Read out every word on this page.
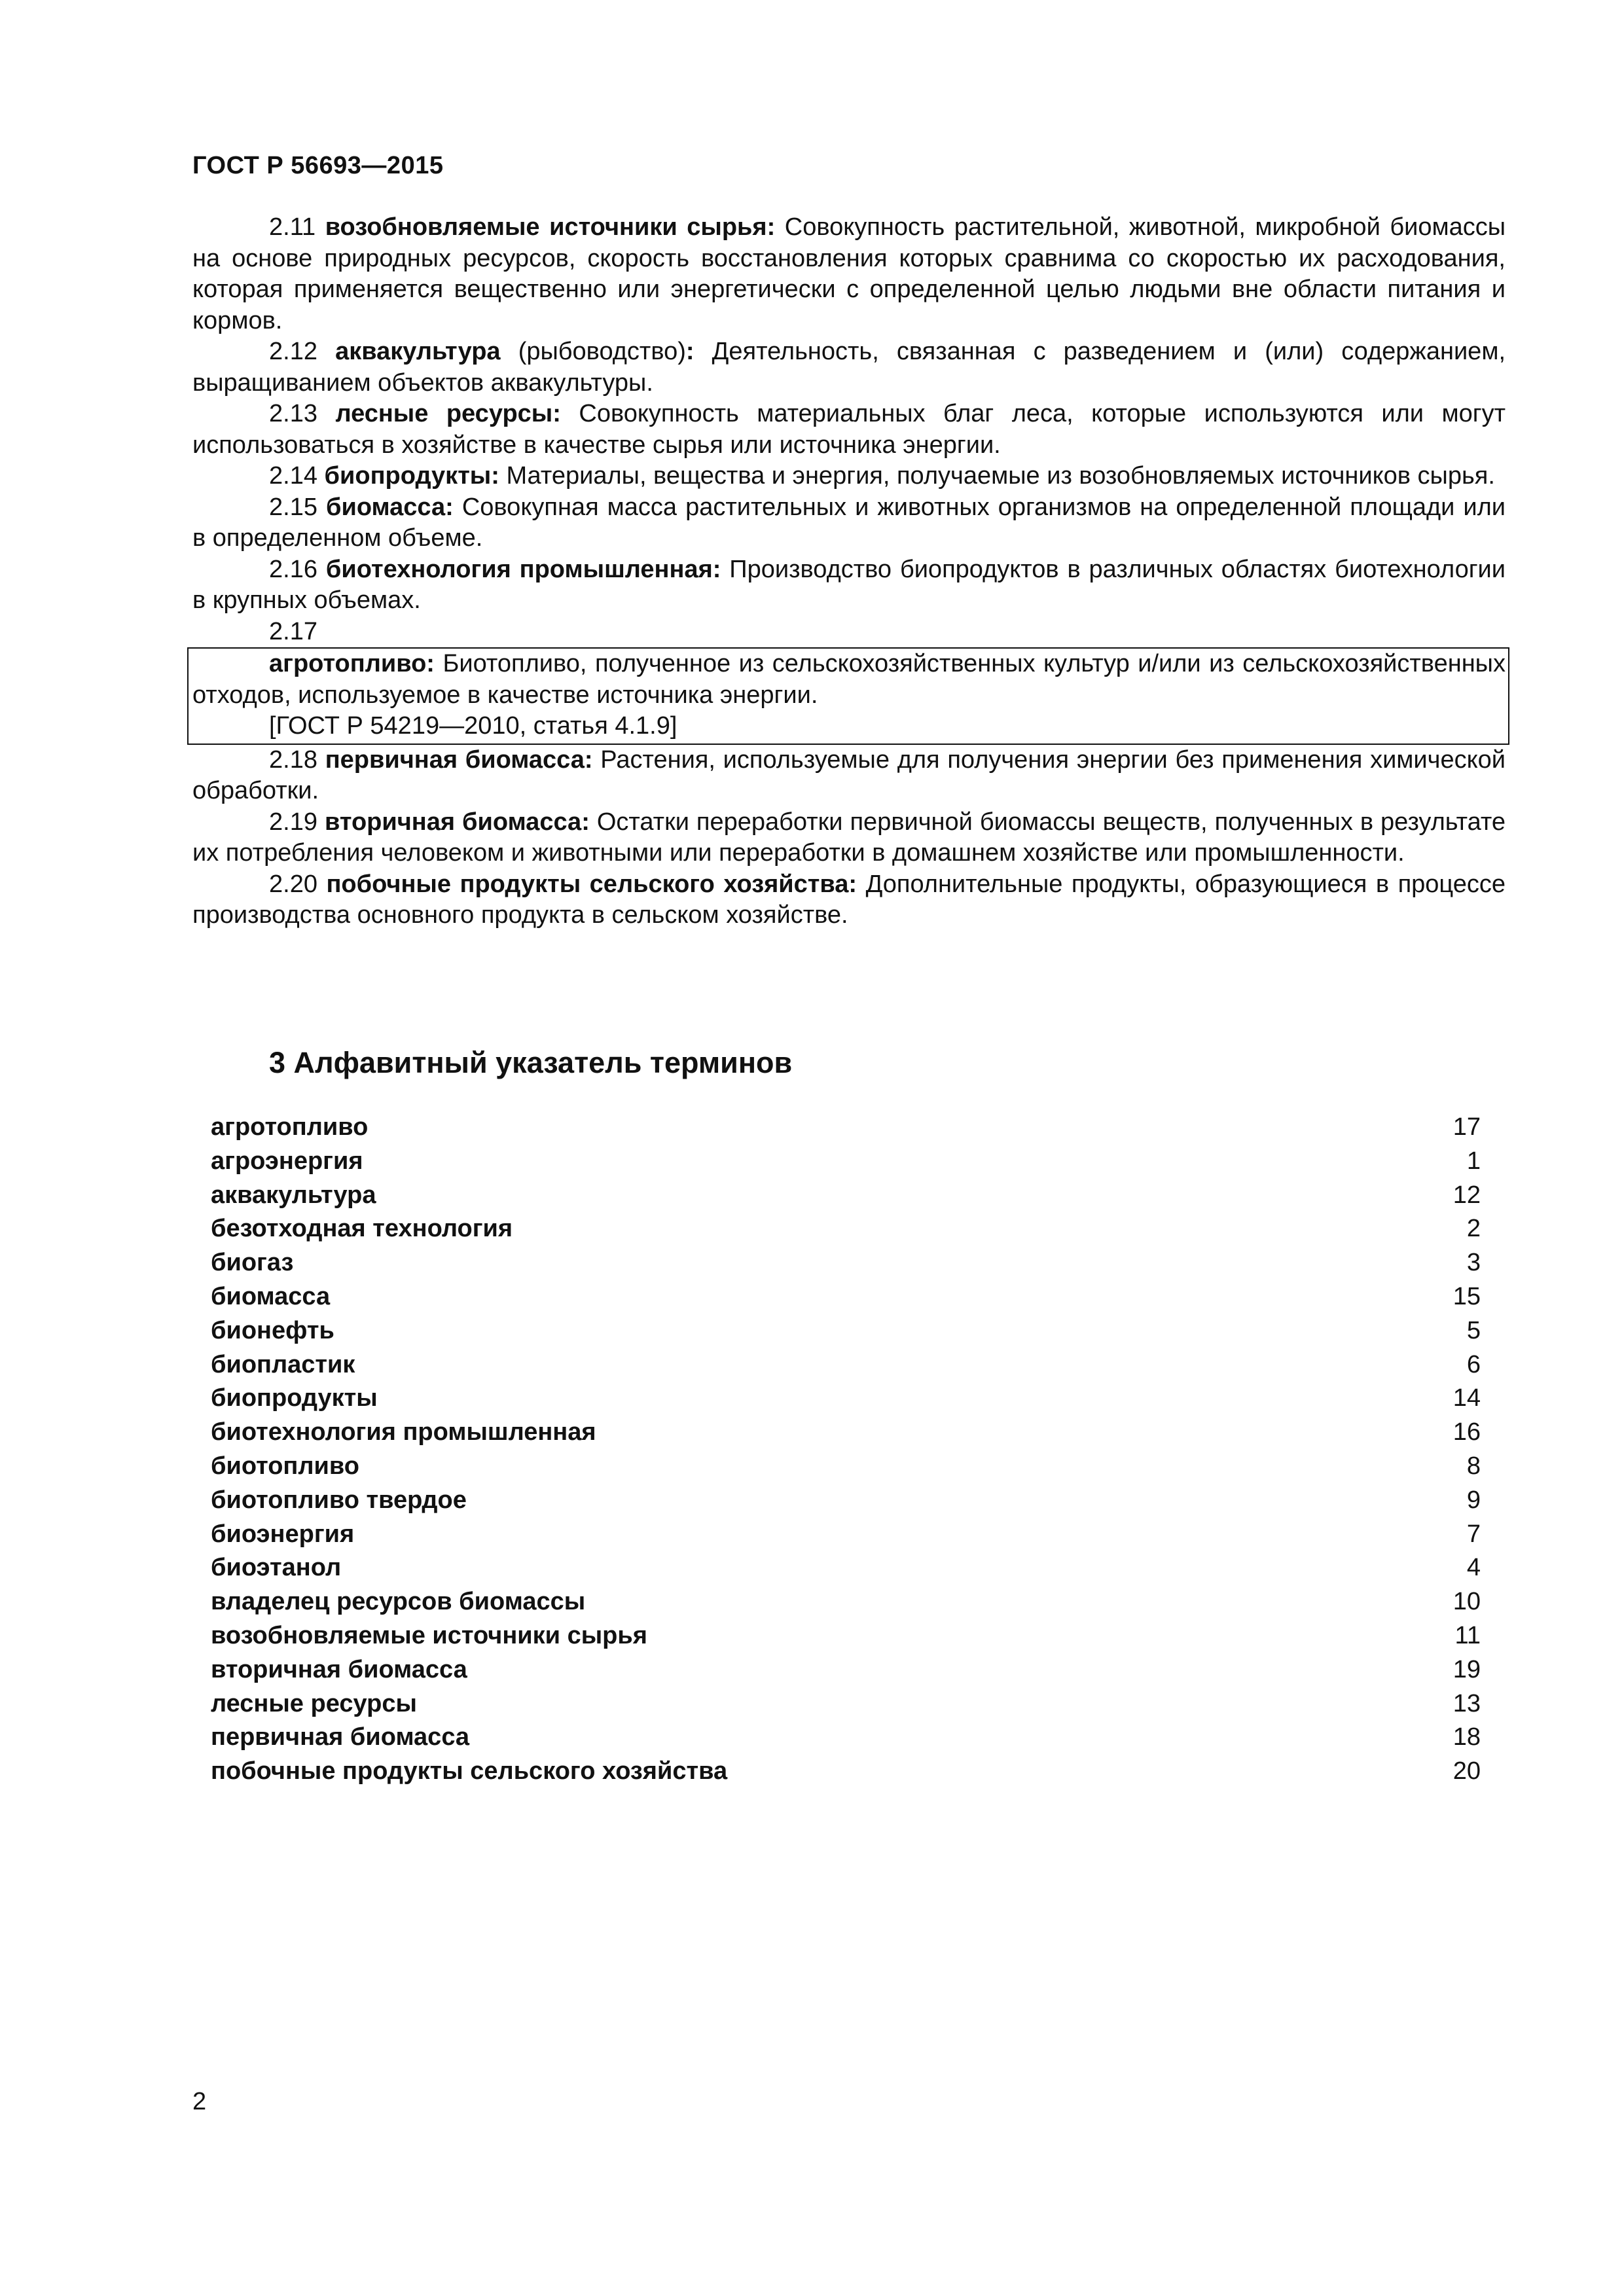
ГОСТ Р 56693—2015

2.11 возобновляемые источники сырья: Совокупность растительной, животной, микробной биомассы на основе природных ресурсов, скорость восстановления которых сравнима со скоростью их расходования, которая применяется вещественно или энергетически с определенной целью людьми вне области питания и кормов.

2.12 аквакультура (рыбоводство): Деятельность, связанная с разведением и (или) содержанием, выращиванием объектов аквакультуры.

2.13 лесные ресурсы: Совокупность материальных благ леса, которые используются или могут использоваться в хозяйстве в качестве сырья или источника энергии.

2.14 биопродукты: Материалы, вещества и энергия, получаемые из возобновляемых источников сырья.

2.15 биомасса: Совокупная масса растительных и животных организмов на определенной площади или в определенном объеме.

2.16 биотехнология промышленная: Производство биопродуктов в различных областях биотехнологии в крупных объемах.

2.17

агротопливо: Биотопливо, полученное из сельскохозяйственных культур и/или из сельскохозяйственных отходов, используемое в качестве источника энергии.

[ГОСТ Р 54219—2010, статья 4.1.9]

2.18 первичная биомасса: Растения, используемые для получения энергии без применения химической обработки.

2.19 вторичная биомасса: Остатки переработки первичной биомассы веществ, полученных в результате их потребления человеком и животными или переработки в домашнем хозяйстве или промышленности.

2.20 побочные продукты сельского хозяйства: Дополнительные продукты, образующиеся в процессе производства основного продукта в сельском хозяйстве.

3 Алфавитный указатель терминов
агротопливо	17
агроэнергия	1
аквакультура	12
безотходная технология	2
биогаз	3
биомасса	15
бионефть	5
биопластик	6
биопродукты	14
биотехнология промышленная	16
биотопливо	8
биотопливо твердое	9
биоэнергия	7
биоэтанол	4
владелец ресурсов биомассы	10
возобновляемые источники сырья	11
вторичная биомасса	19
лесные ресурсы	13
первичная биомасса	18
побочные продукты сельского хозяйства	20
2
